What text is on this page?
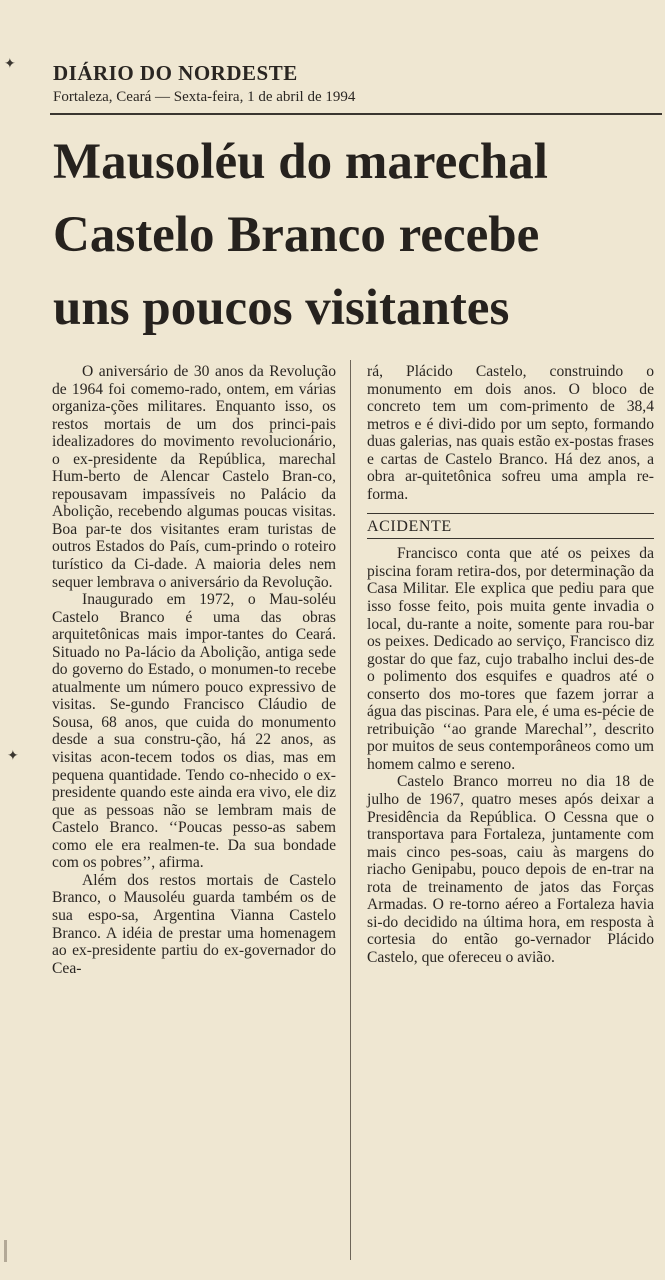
✦
✦
DIÁRIO DO NORDESTE
Fortaleza, Ceará — Sexta-feira, 1 de abril de 1994
Mausoléu do marechal
Castelo Branco recebe
uns poucos visitantes

O aniversário de 30 anos da Revolução de 1964 foi comemo-rado, ontem, em várias organiza-ções militares. Enquanto isso, os restos mortais de um dos princi-pais idealizadores do movimento revolucionário, o ex-presidente da República, marechal Hum-berto de Alencar Castelo Bran-co, repousavam impassíveis no Palácio da Abolição, recebendo algumas poucas visitas. Boa par-te dos visitantes eram turistas de outros Estados do País, cum-prindo o roteiro turístico da Ci-dade. A maioria deles nem sequer lembrava o aniversário da Revolução.

Inaugurado em 1972, o Mau-soléu Castelo Branco é uma das obras arquitetônicas mais impor-tantes do Ceará. Situado no Pa-lácio da Abolição, antiga sede do governo do Estado, o monumen-to recebe atualmente um número pouco expressivo de visitas. Se-gundo Francisco Cláudio de Sousa, 68 anos, que cuida do monumento desde a sua constru-ção, há 22 anos, as visitas acon-tecem todos os dias, mas em pequena quantidade. Tendo co-nhecido o ex-presidente quando este ainda era vivo, ele diz que as pessoas não se lembram mais de Castelo Branco. ‘‘Poucas pesso-as sabem como ele era realmen-te. Da sua bondade com os pobres’’, afirma.

Além dos restos mortais de Castelo Branco, o Mausoléu guarda também os de sua espo-sa, Argentina Vianna Castelo Branco. A idéia de prestar uma homenagem ao ex-presidente partiu do ex-governador do Cea-

rá, Plácido Castelo, construindo o monumento em dois anos. O bloco de concreto tem um com-primento de 38,4 metros e é divi-dido por um septo, formando duas galerias, nas quais estão ex-postas frases e cartas de Castelo Branco. Há dez anos, a obra ar-quitetônica sofreu uma ampla re-forma.

ACIDENTE

Francisco conta que até os peixes da piscina foram retira-dos, por determinação da Casa Militar. Ele explica que pediu para que isso fosse feito, pois muita gente invadia o local, du-rante a noite, somente para rou-bar os peixes. Dedicado ao serviço, Francisco diz gostar do que faz, cujo trabalho inclui des-de o polimento dos esquifes e quadros até o conserto dos mo-tores que fazem jorrar a água das piscinas. Para ele, é uma es-pécie de retribuição ‘‘ao grande Marechal’’, descrito por muitos de seus contemporâneos como um homem calmo e sereno.

Castelo Branco morreu no dia 18 de julho de 1967, quatro meses após deixar a Presidência da República. O Cessna que o transportava para Fortaleza, juntamente com mais cinco pes-soas, caiu às margens do riacho Genipabu, pouco depois de en-trar na rota de treinamento de jatos das Forças Armadas. O re-torno aéreo a Fortaleza havia si-do decidido na última hora, em resposta à cortesia do então go-vernador Plácido Castelo, que ofereceu o avião.
